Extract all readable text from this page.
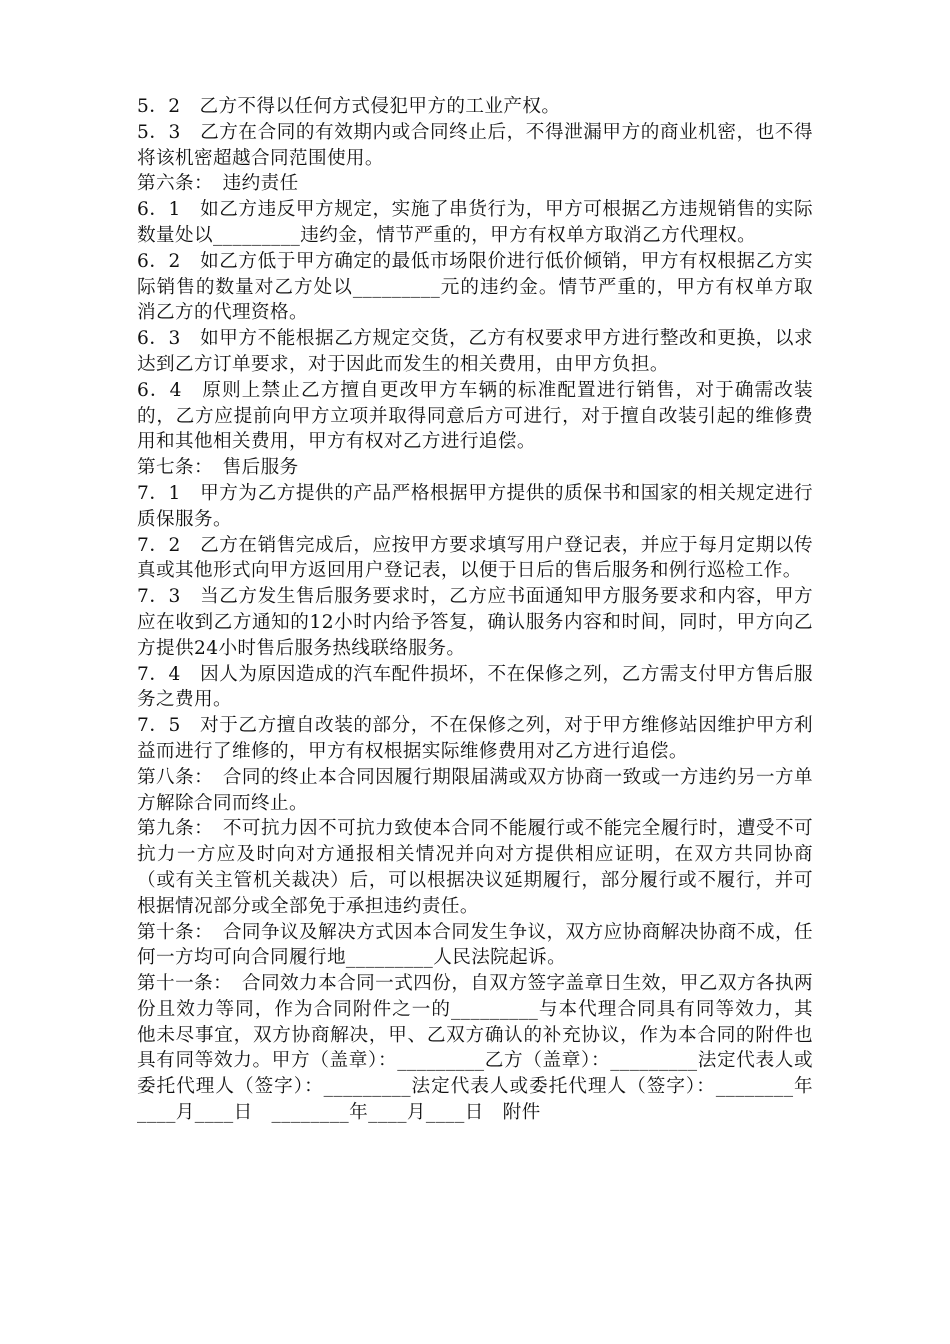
5．2　乙方不得以任何方式侵犯甲方的工业产权。

5．3　乙方在合同的有效期内或合同终止后，不得泄漏甲方的商业机密，也不得将该机密超越合同范围使用。

第六条：　违约责任

6．1　如乙方违反甲方规定，实施了串货行为，甲方可根据乙方违规销售的实际数量处以_________违约金，情节严重的，甲方有权单方取消乙方代理权。

6．2　如乙方低于甲方确定的最低市场限价进行低价倾销，甲方有权根据乙方实际销售的数量对乙方处以_________元的违约金。情节严重的，甲方有权单方取消乙方的代理资格。

6．3　如甲方不能根据乙方规定交货，乙方有权要求甲方进行整改和更换，以求达到乙方订单要求，对于因此而发生的相关费用，由甲方负担。

6．4　原则上禁止乙方擅自更改甲方车辆的标准配置进行销售，对于确需改装的，乙方应提前向甲方立项并取得同意后方可进行，对于擅自改装引起的维修费用和其他相关费用，甲方有权对乙方进行追偿。

第七条：　售后服务

7．1　甲方为乙方提供的产品严格根据甲方提供的质保书和国家的相关规定进行质保服务。

7．2　乙方在销售完成后，应按甲方要求填写用户登记表，并应于每月定期以传真或其他形式向甲方返回用户登记表，以便于日后的售后服务和例行巡检工作。

7．3　当乙方发生售后服务要求时，乙方应书面通知甲方服务要求和内容，甲方应在收到乙方通知的12小时内给予答复，确认服务内容和时间，同时，甲方向乙方提供24小时售后服务热线联络服务。

7．4　因人为原因造成的汽车配件损坏，不在保修之列，乙方需支付甲方售后服务之费用。

7．5　对于乙方擅自改装的部分，不在保修之列，对于甲方维修站因维护甲方利益而进行了维修的，甲方有权根据实际维修费用对乙方进行追偿。

第八条：　合同的终止本合同因履行期限届满或双方协商一致或一方违约另一方单方解除合同而终止。

第九条：　不可抗力因不可抗力致使本合同不能履行或不能完全履行时，遭受不可抗力一方应及时向对方通报相关情况并向对方提供相应证明，在双方共同协商（或有关主管机关裁决）后，可以根据决议延期履行，部分履行或不履行，并可根据情况部分或全部免于承担违约责任。

第十条：　合同争议及解决方式因本合同发生争议，双方应协商解决协商不成，任何一方均可向合同履行地_________人民法院起诉。

第十一条：　合同效力本合同一式四份，自双方签字盖章日生效，甲乙双方各执两份且效力等同，作为合同附件之一的_________与本代理合同具有同等效力，其他未尽事宜，双方协商解决，甲、乙双方确认的补充协议，作为本合同的附件也具有同等效力。甲方（盖章）：_________乙方（盖章）：_________法定代表人或委托代理人（签字）：_________法定代表人或委托代理人（签字）：________年____月____日　________年____月____日　附件
